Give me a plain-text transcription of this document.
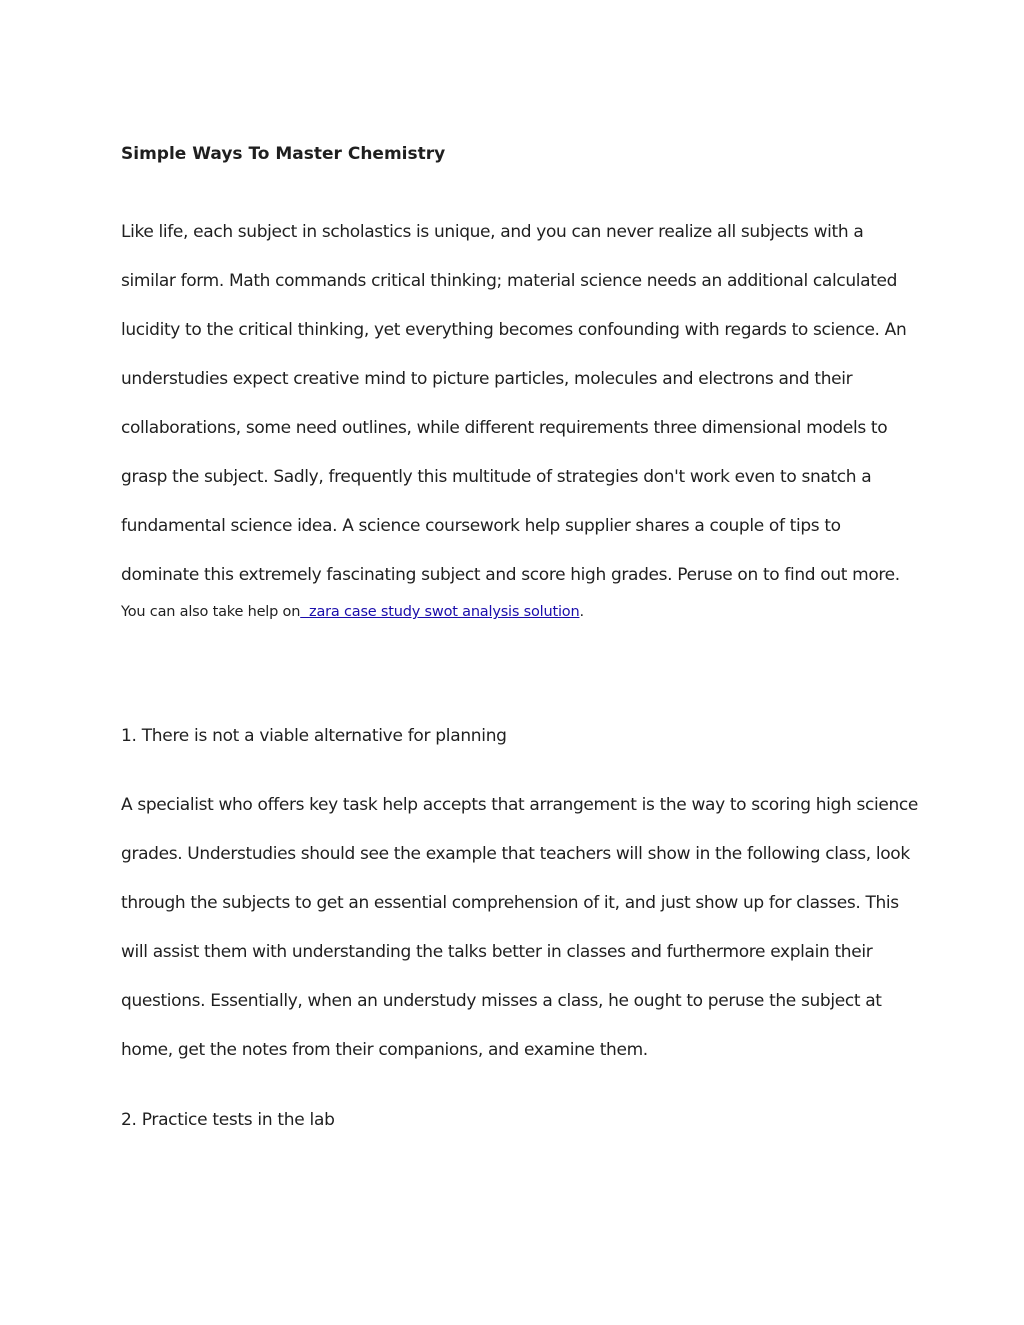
Simple Ways To Master Chemistry

Like life, each subject in scholastics is unique, and you can never realize all subjects with a
similar form. Math commands critical thinking; material science needs an additional calculated
lucidity to the critical thinking, yet everything becomes confounding with regards to science. An
understudies expect creative mind to picture particles, molecules and electrons and their
collaborations, some need outlines, while different requirements three dimensional models to
grasp the subject. Sadly, frequently this multitude of strategies don't work even to snatch a
fundamental science idea. A science coursework help supplier shares a couple of tips to
dominate this extremely fascinating subject and score high grades. Peruse on to find out more.

You can also take help on zara case study swot analysis solution.

1. There is not a viable alternative for planning

A specialist who offers key task help accepts that arrangement is the way to scoring high science
grades. Understudies should see the example that teachers will show in the following class, look
through the subjects to get an essential comprehension of it, and just show up for classes. This
will assist them with understanding the talks better in classes and furthermore explain their
questions. Essentially, when an understudy misses a class, he ought to peruse the subject at
home, get the notes from their companions, and examine them.

2. Practice tests in the lab
